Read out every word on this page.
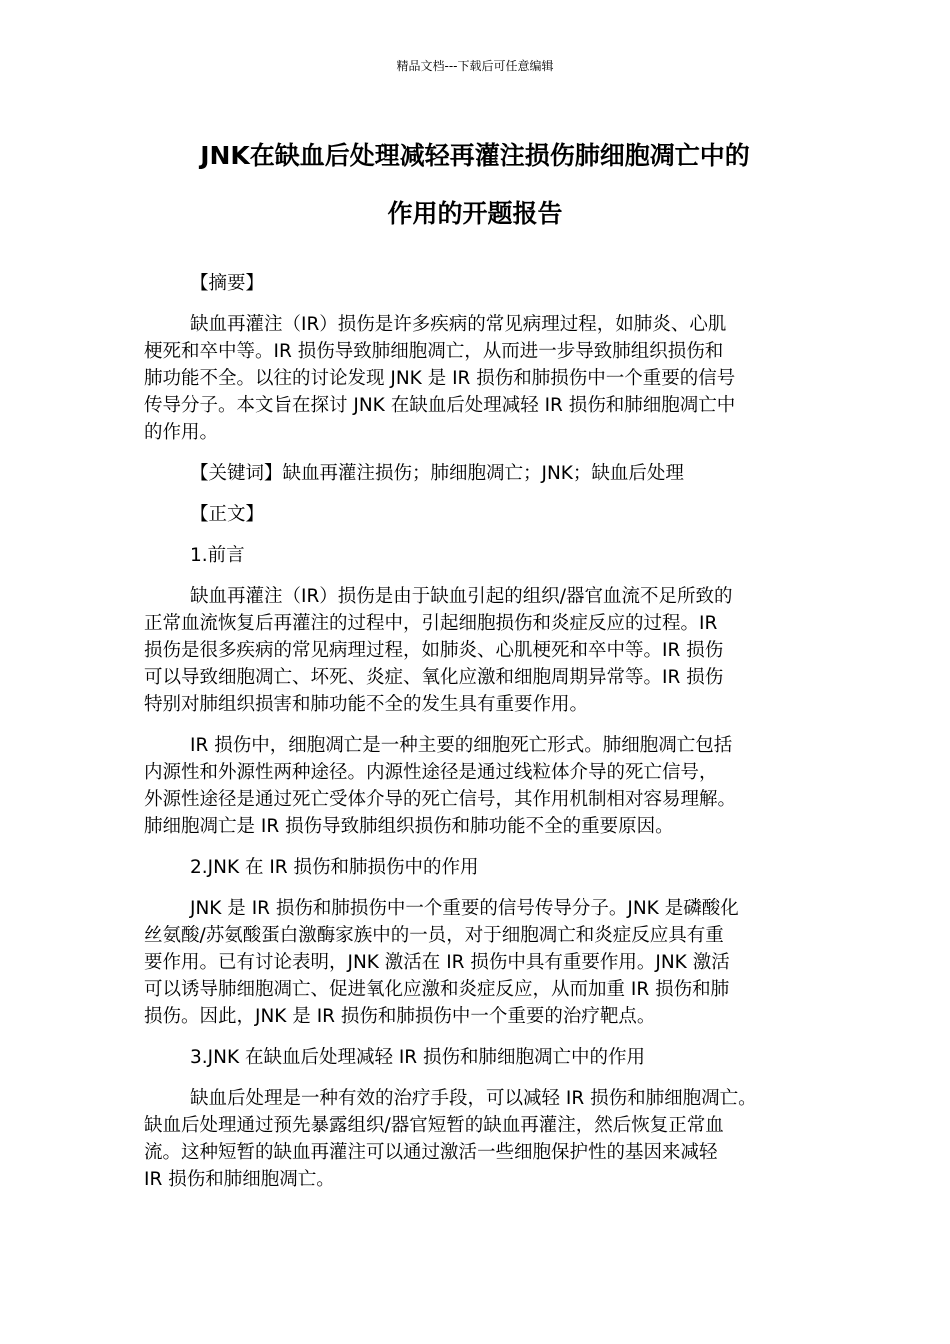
精品文档---下载后可任意编辑
JNK在缺血后处理减轻再灌注损伤肺细胞凋亡中的
作用的开题报告

【摘要】

缺血再灌注（IR）损伤是许多疾病的常见病理过程，如肺炎、心肌
梗死和卒中等。IR 损伤导致肺细胞凋亡，从而进一步导致肺组织损伤和
肺功能不全。以往的讨论发现 JNK 是 IR 损伤和肺损伤中一个重要的信号
传导分子。本文旨在探讨 JNK 在缺血后处理减轻 IR 损伤和肺细胞凋亡中
的作用。

【关键词】缺血再灌注损伤；肺细胞凋亡；JNK；缺血后处理

【正文】

1.前言

缺血再灌注（IR）损伤是由于缺血引起的组织/器官血流不足所致的
正常血流恢复后再灌注的过程中，引起细胞损伤和炎症反应的过程。IR
损伤是很多疾病的常见病理过程，如肺炎、心肌梗死和卒中等。IR 损伤
可以导致细胞凋亡、坏死、炎症、氧化应激和细胞周期异常等。IR 损伤
特别对肺组织损害和肺功能不全的发生具有重要作用。

IR 损伤中，细胞凋亡是一种主要的细胞死亡形式。肺细胞凋亡包括
内源性和外源性两种途径。内源性途径是通过线粒体介导的死亡信号，
外源性途径是通过死亡受体介导的死亡信号，其作用机制相对容易理解。
肺细胞凋亡是 IR 损伤导致肺组织损伤和肺功能不全的重要原因。

2.JNK 在 IR 损伤和肺损伤中的作用

JNK 是 IR 损伤和肺损伤中一个重要的信号传导分子。JNK 是磷酸化
丝氨酸/苏氨酸蛋白激酶家族中的一员，对于细胞凋亡和炎症反应具有重
要作用。已有讨论表明，JNK 激活在 IR 损伤中具有重要作用。JNK 激活
可以诱导肺细胞凋亡、促进氧化应激和炎症反应，从而加重 IR 损伤和肺
损伤。因此，JNK 是 IR 损伤和肺损伤中一个重要的治疗靶点。

3.JNK 在缺血后处理减轻 IR 损伤和肺细胞凋亡中的作用

缺血后处理是一种有效的治疗手段，可以减轻 IR 损伤和肺细胞凋亡。
缺血后处理通过预先暴露组织/器官短暂的缺血再灌注，然后恢复正常血
流。这种短暂的缺血再灌注可以通过激活一些细胞保护性的基因来减轻
IR 损伤和肺细胞凋亡。
